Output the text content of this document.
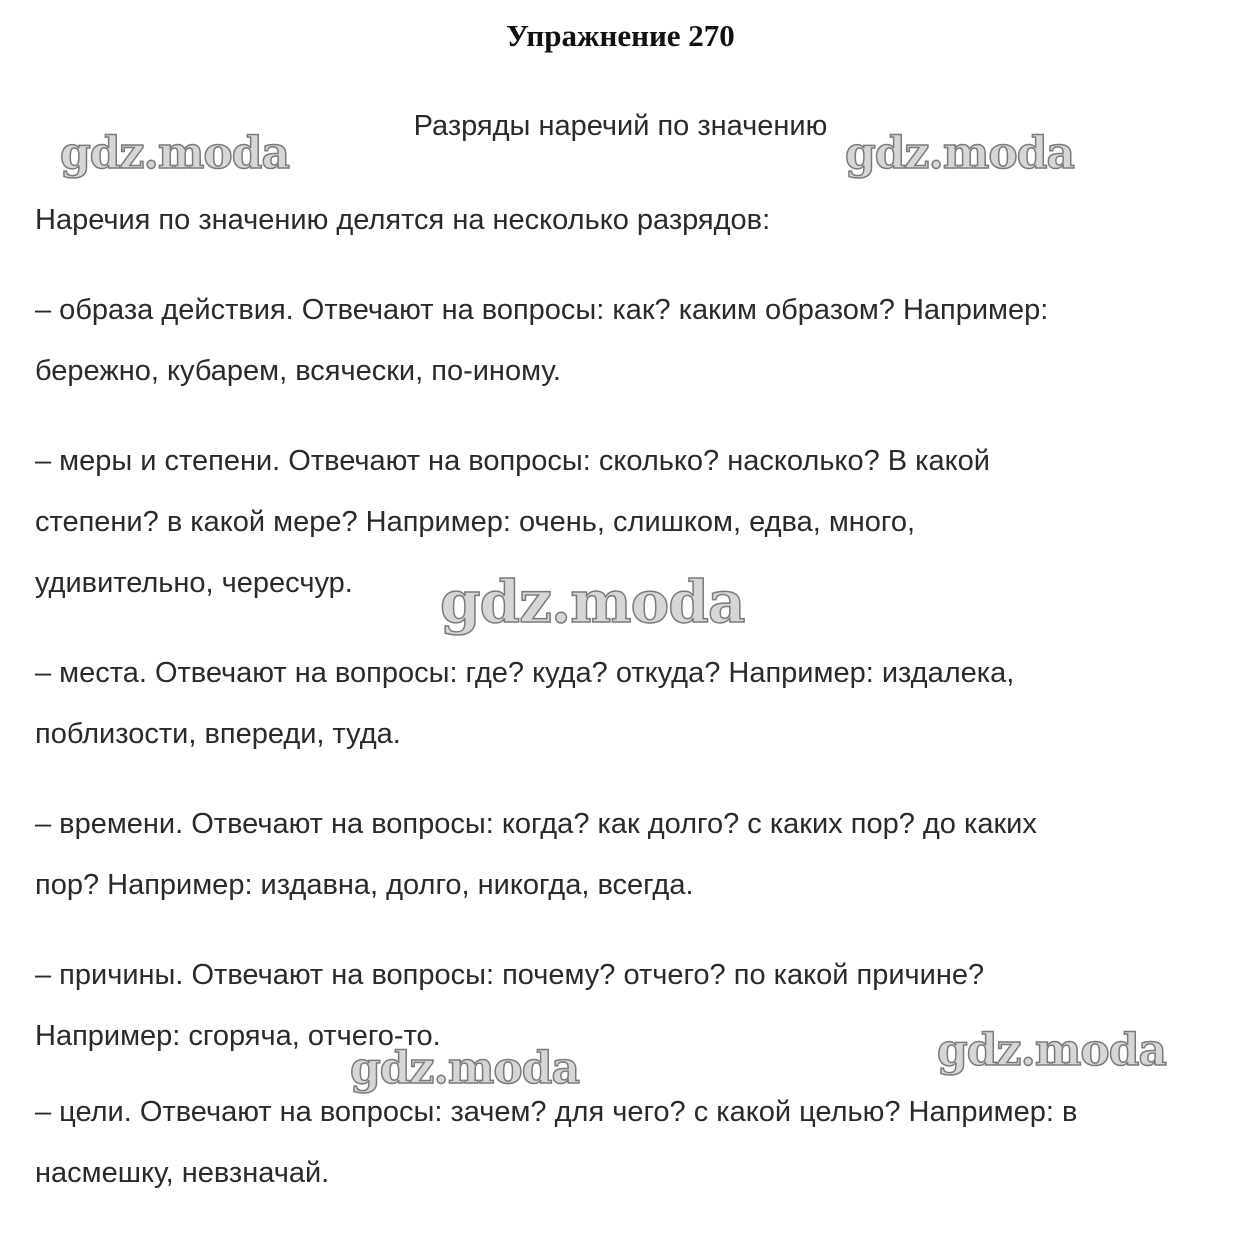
Упражнение 270

Разряды наречий по значению

Наречия по значению делятся на несколько разрядов:

– образа действия. Отвечают на вопросы: как? каким образом? Например:

бережно, кубарем, всячески, по-иному.

– меры и степени. Отвечают на вопросы: сколько? насколько? В какой

степени? в какой мере? Например: очень, слишком, едва, много,

удивительно, чересчур.

– места. Отвечают на вопросы: где? куда? откуда? Например: издалека,

поблизости, впереди, туда.

– времени. Отвечают на вопросы: когда? как долго? с каких пор? до каких

пор? Например: издавна, долго, никогда, всегда.

– причины. Отвечают на вопросы: почему? отчего? по какой причине?

Например: сгоряча, отчего-то.

– цели. Отвечают на вопросы: зачем? для чего? с какой целью? Например: в

насмешку, невзначай.

gdz.moda	gdz.moda
gdz.moda
gdz.moda
gdz.moda
